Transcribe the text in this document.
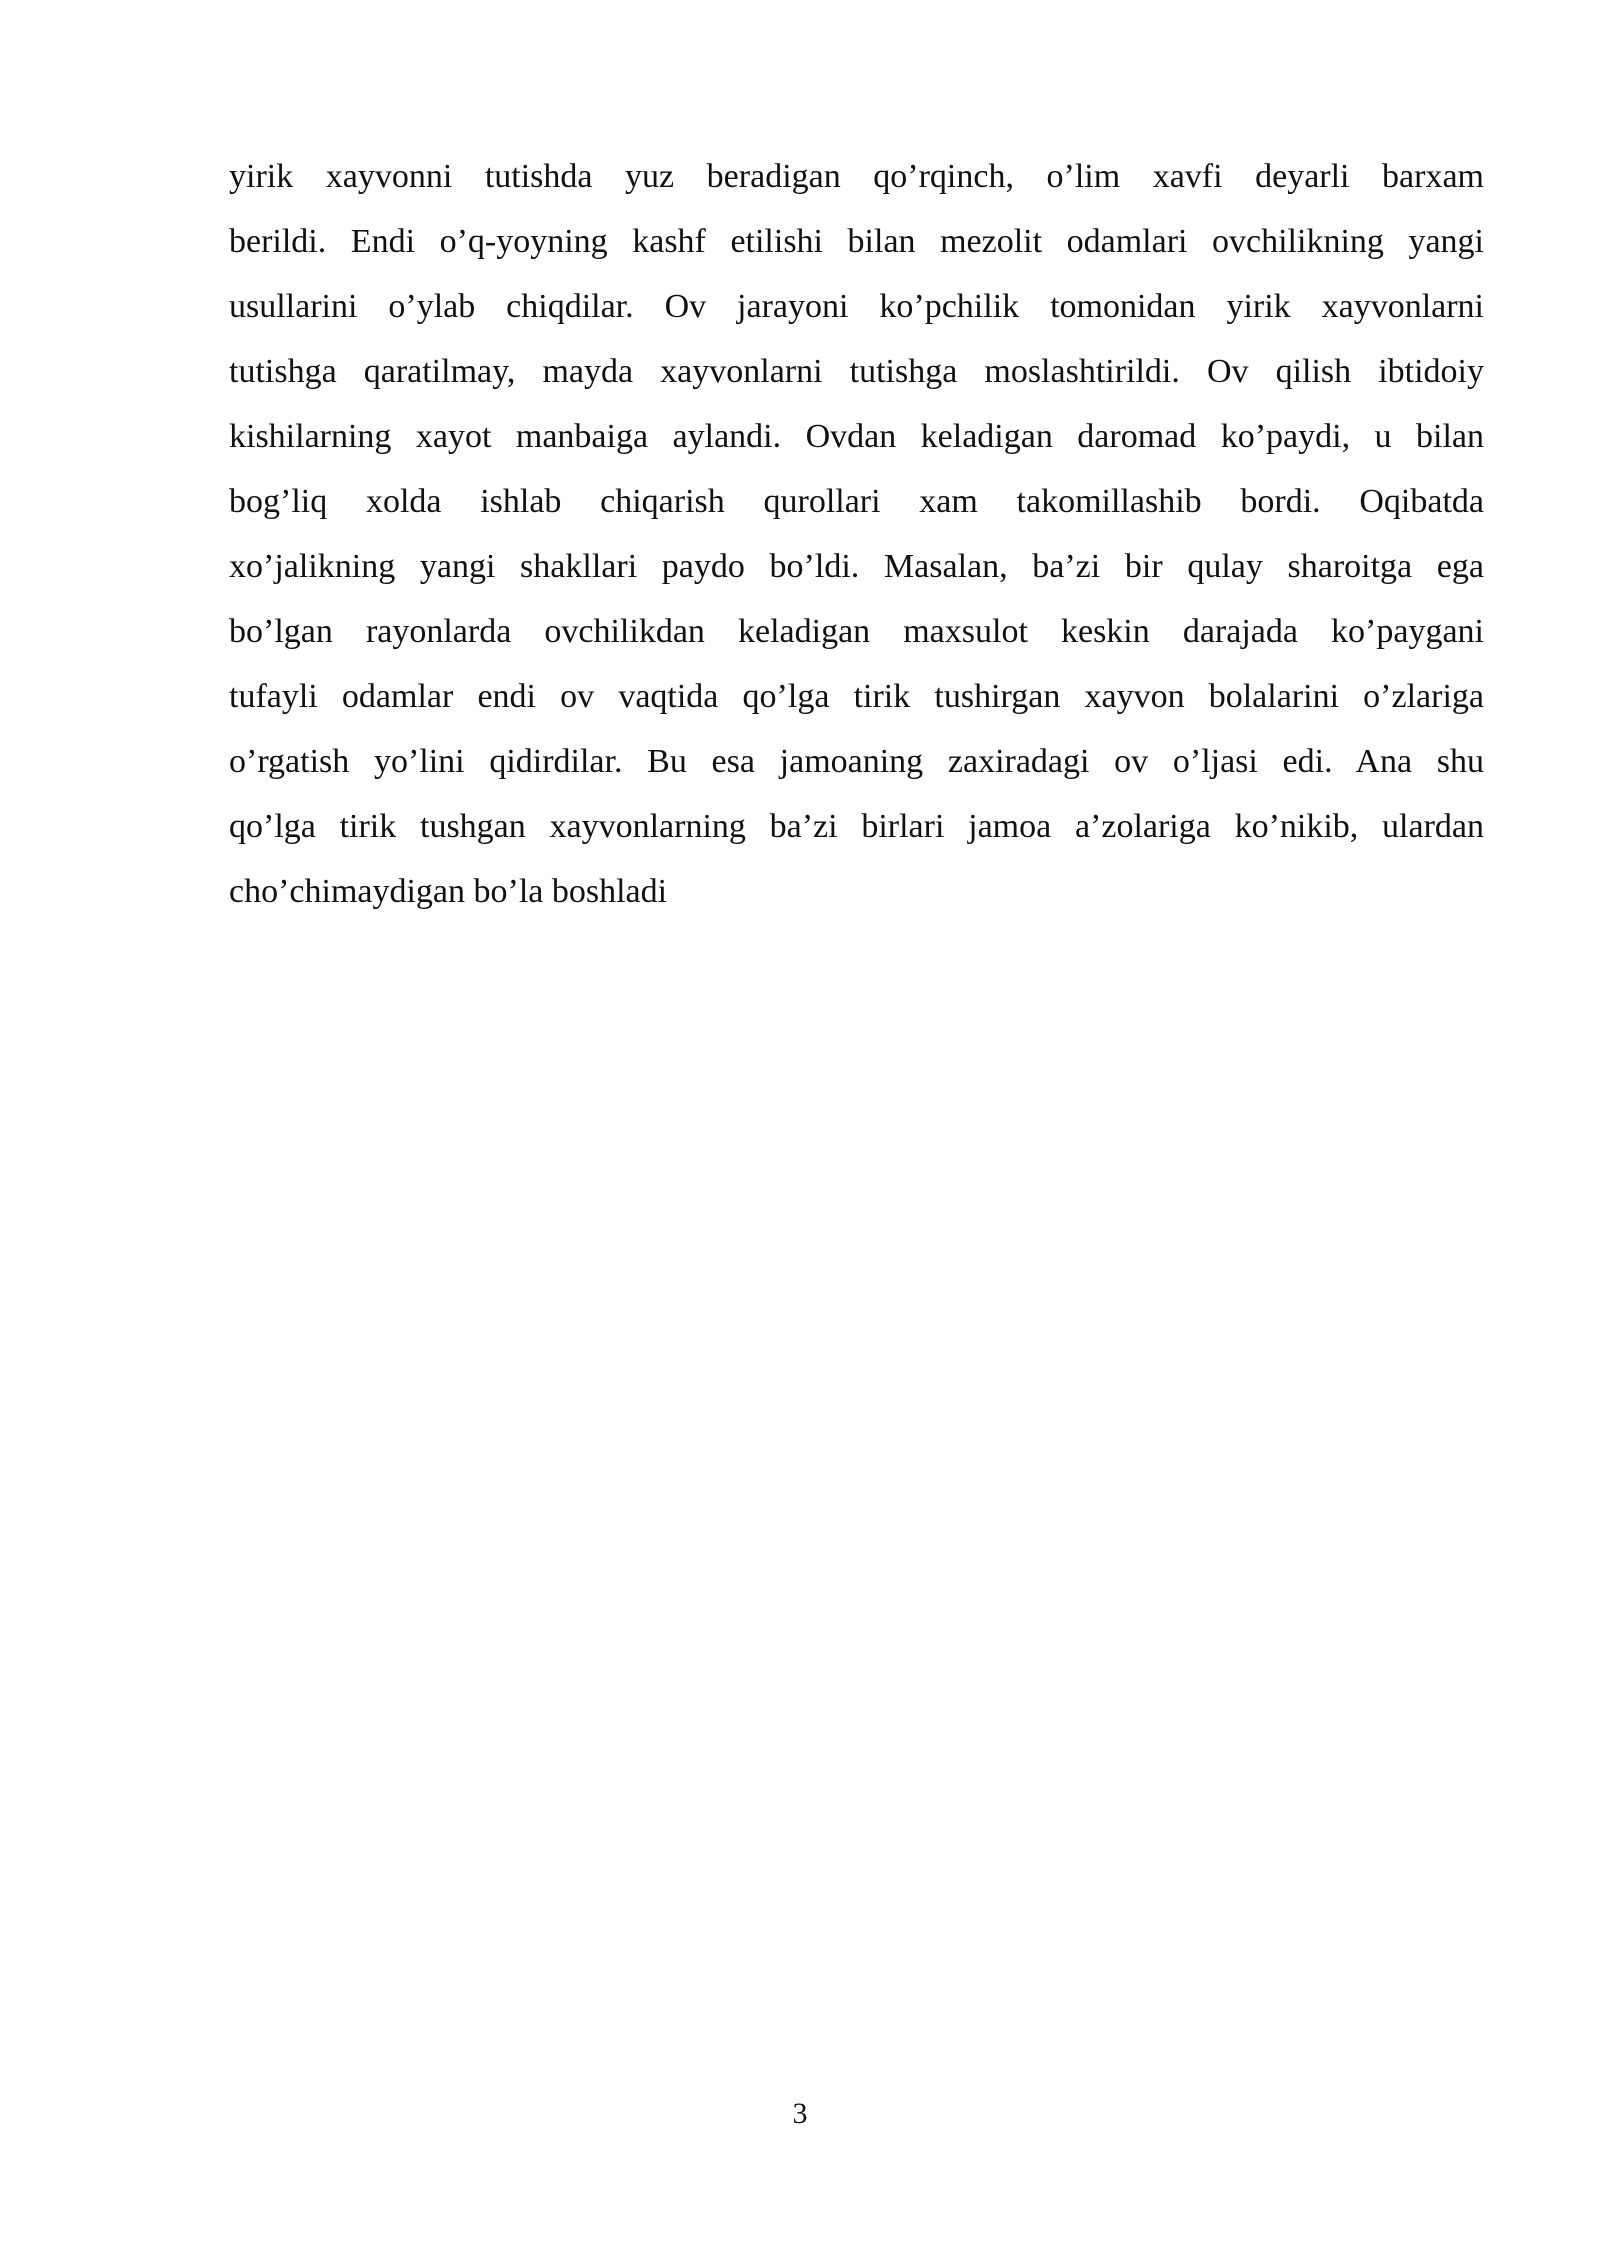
yirik xayvonni tutishda yuz beradigan qo’rqinch, o’lim xavfi deyarli barxam
berildi. Endi o’q-yoyning kashf etilishi bilan mezolit odamlari ovchilikning yangi
usullarini o’ylab chiqdilar. Ov jarayoni ko’pchilik tomonidan yirik xayvonlarni
tutishga qaratilmay, mayda xayvonlarni tutishga moslashtirildi. Ov qilish ibtidoiy
kishilarning xayot manbaiga aylandi. Ovdan keladigan daromad ko’paydi, u bilan
bog’liq xolda ishlab chiqarish qurollari xam takomillashib bordi. Oqibatda
xo’jalikning yangi shakllari paydo bo’ldi. Masalan, ba’zi bir qulay sharoitga ega
bo’lgan rayonlarda ovchilikdan keladigan maxsulot keskin darajada ko’paygani
tufayli odamlar endi ov vaqtida qo’lga tirik tushirgan xayvon bolalarini o’zlariga
o’rgatish yo’lini qidirdilar. Bu esa jamoaning zaxiradagi ov o’ljasi edi. Ana shu
qo’lga tirik tushgan xayvonlarning ba’zi birlari jamoa a’zolariga ko’nikib, ulardan
cho’chimaydigan bo’la boshladi
3
